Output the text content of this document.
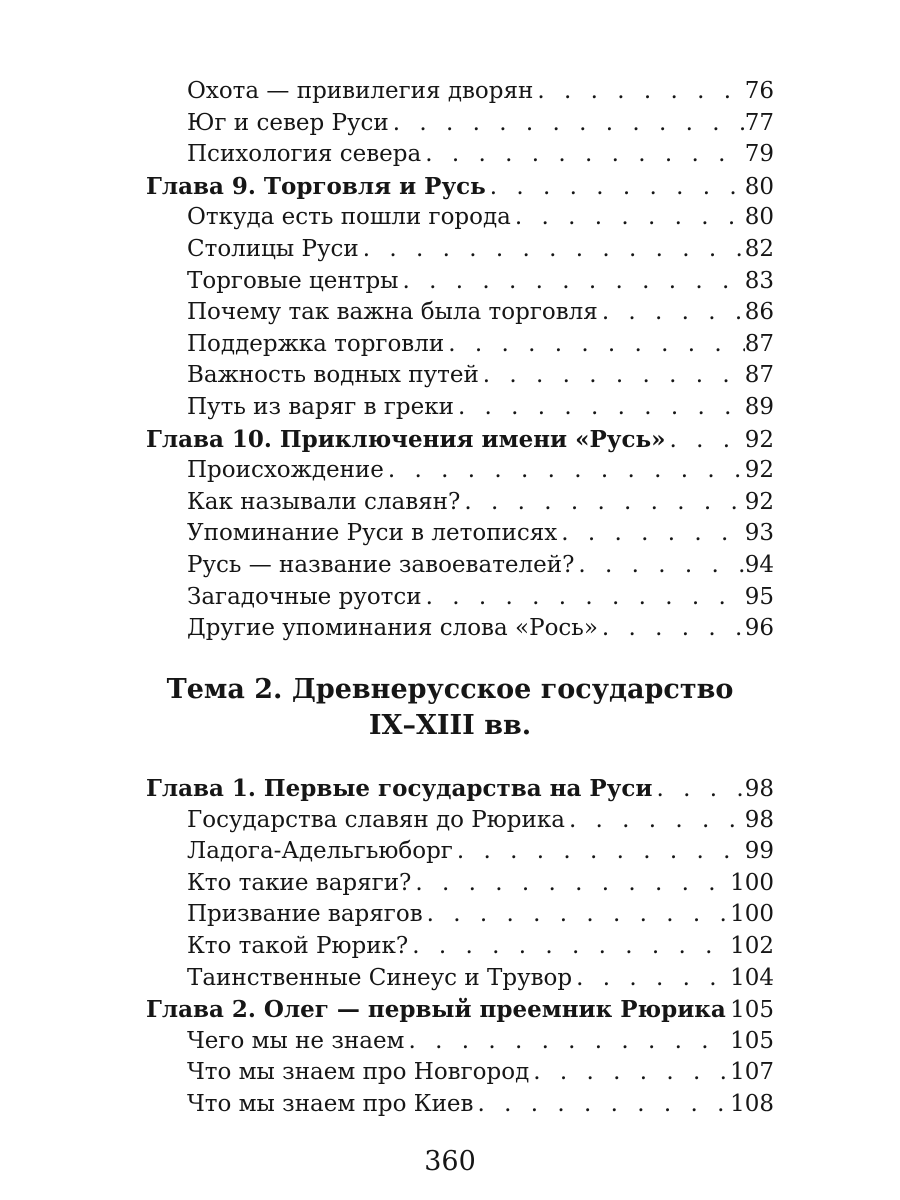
Охота — привилегия дворян . . .	76
Юг и север Руси . . .	77
Психология севера . . .	79
Глава 9. Торговля и Русь . . .	80
Откуда есть пошли города . . .	80
Столицы Руси . . .	82
Торговые центры . . .	83
Почему так важна была торговля . . .	86
Поддержка торговли . . .	87
Важность водных путей . . .	87
Путь из варяг в греки . . .	89
Глава 10. Приключения имени «Русь» . . .	92
Происхождение . . .	92
Как называли славян? . . .	92
Упоминание Руси в летописях . . .	93
Русь — название завоевателей? . . .	94
Загадочные руотси . . .	95
Другие упоминания слова «Рось» . . .	96
Тема 2. Древнерусское государство
IX–XIII вв.
Глава 1. Первые государства на Руси . . .	98
Государства славян до Рюрика . . .	98
Ладога-Адельгьюборг . . .	99
Кто такие варяги? . . .	100
Призвание варягов . . .	100
Кто такой Рюрик? . . .	102
Таинственные Синеус и Трувор . . .	104
Глава 2. Олег — первый преемник Рюрика . . . 105
Чего мы не знаем . . .	105
Что мы знаем про Новгород . . .	107
Что мы знаем про Киев . . .	108
360
